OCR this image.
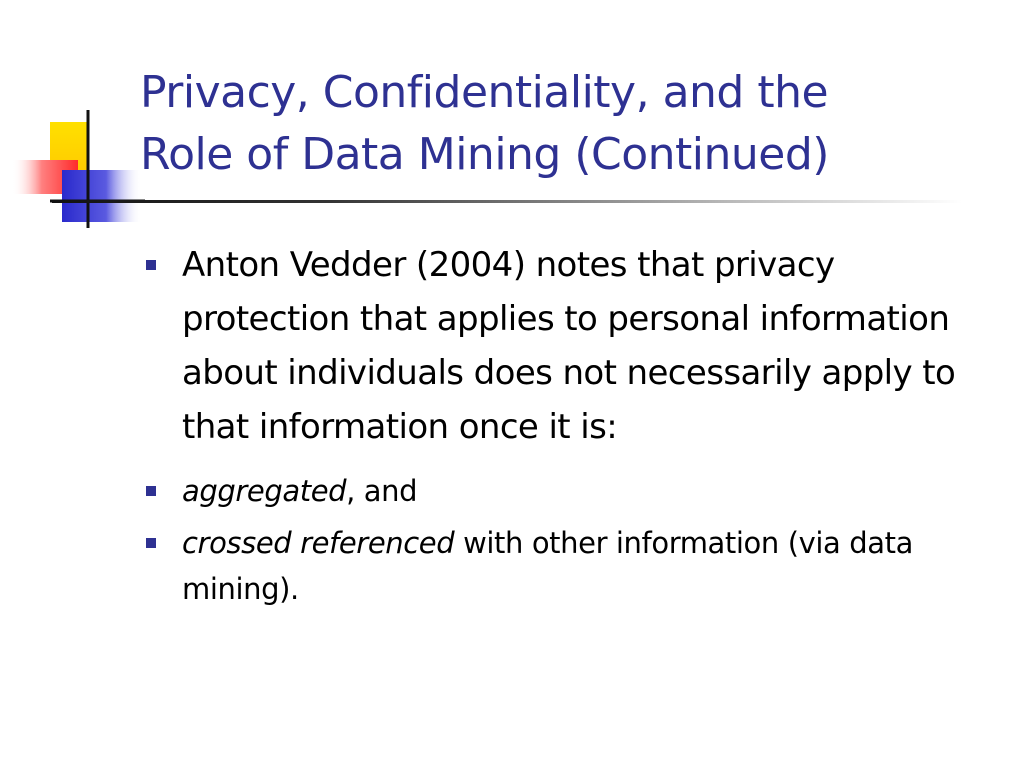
Privacy, Confidentiality, and the
Role of Data Mining (Continued)
Anton Vedder (2004) notes that privacy protection that applies to personal information about individuals does not necessarily apply to that information once it is:
aggregated, and
crossed referenced with other information (via data mining).
